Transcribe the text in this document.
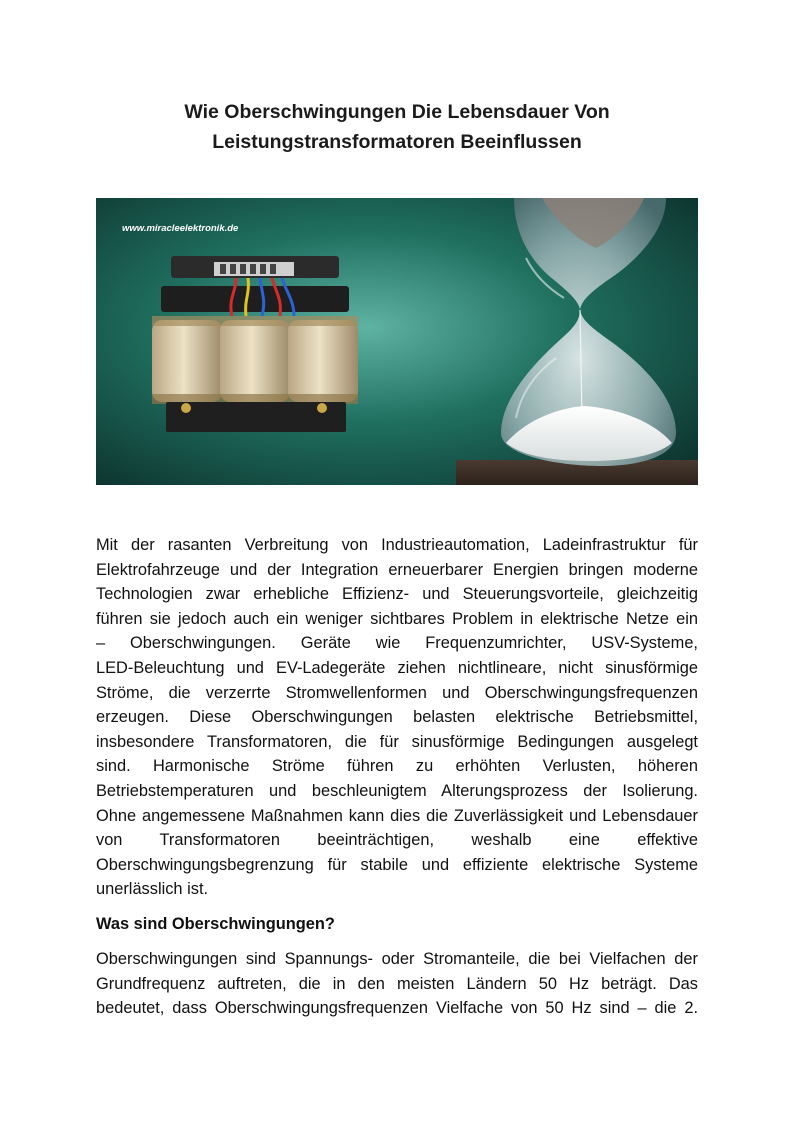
Wie Oberschwingungen Die Lebensdauer Von
Leistungstransformatoren Beeinflussen
www.miracleelektronik.de
Mit der rasanten Verbreitung von Industrieautomation, Ladeinfrastruktur für
Elektrofahrzeuge und der Integration erneuerbarer Energien bringen moderne
Technologien zwar erhebliche Effizienz- und Steuerungsvorteile, gleichzeitig
führen sie jedoch auch ein weniger sichtbares Problem in elektrische Netze ein
– Oberschwingungen. Geräte wie Frequenzumrichter, USV-Systeme,
LED-Beleuchtung und EV-Ladegeräte ziehen nichtlineare, nicht sinusförmige
Ströme, die verzerrte Stromwellenformen und Oberschwingungsfrequenzen
erzeugen. Diese Oberschwingungen belasten elektrische Betriebsmittel,
insbesondere Transformatoren, die für sinusförmige Bedingungen ausgelegt
sind. Harmonische Ströme führen zu erhöhten Verlusten, höheren
Betriebstemperaturen und beschleunigtem Alterungsprozess der Isolierung.
Ohne angemessene Maßnahmen kann dies die Zuverlässigkeit und Lebensdauer
von Transformatoren beeinträchtigen, weshalb eine effektive
Oberschwingungsbegrenzung für stabile und effiziente elektrische Systeme
unerlässlich ist.
Was sind Oberschwingungen?
Oberschwingungen sind Spannungs- oder Stromanteile, die bei Vielfachen der
Grundfrequenz auftreten, die in den meisten Ländern 50 Hz beträgt. Das
bedeutet, dass Oberschwingungsfrequenzen Vielfache von 50 Hz sind – die 2.
